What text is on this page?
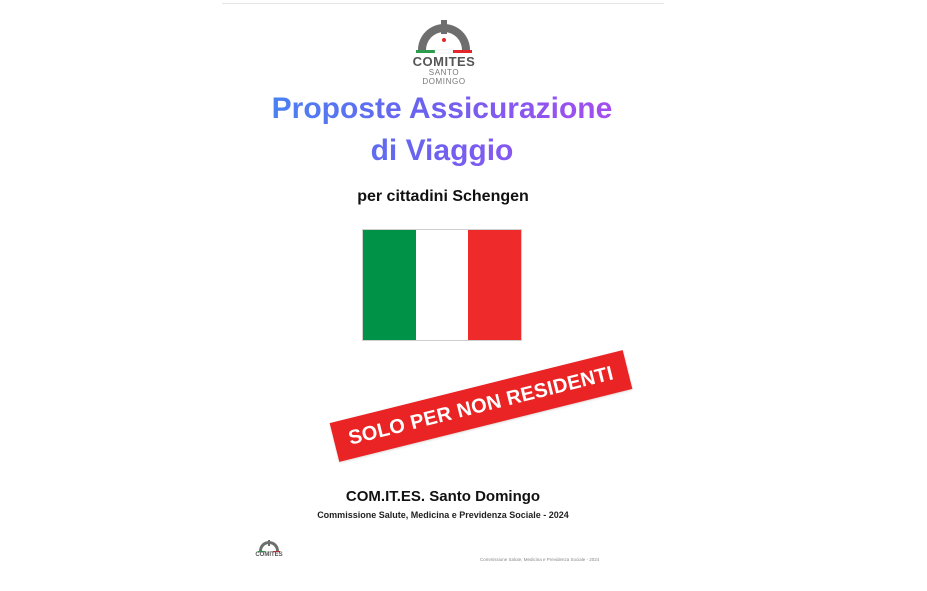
COMITES
SANTO DOMINGO
Proposte Assicurazione
di Viaggio
per cittadini Schengen
SOLO PER NON RESIDENTI
COM.IT.ES. Santo Domingo
Commissione Salute, Medicina e Previdenza Sociale - 2024
COMITES
Commissione Salute, Medicina e Previdenza Sociale - 2024
